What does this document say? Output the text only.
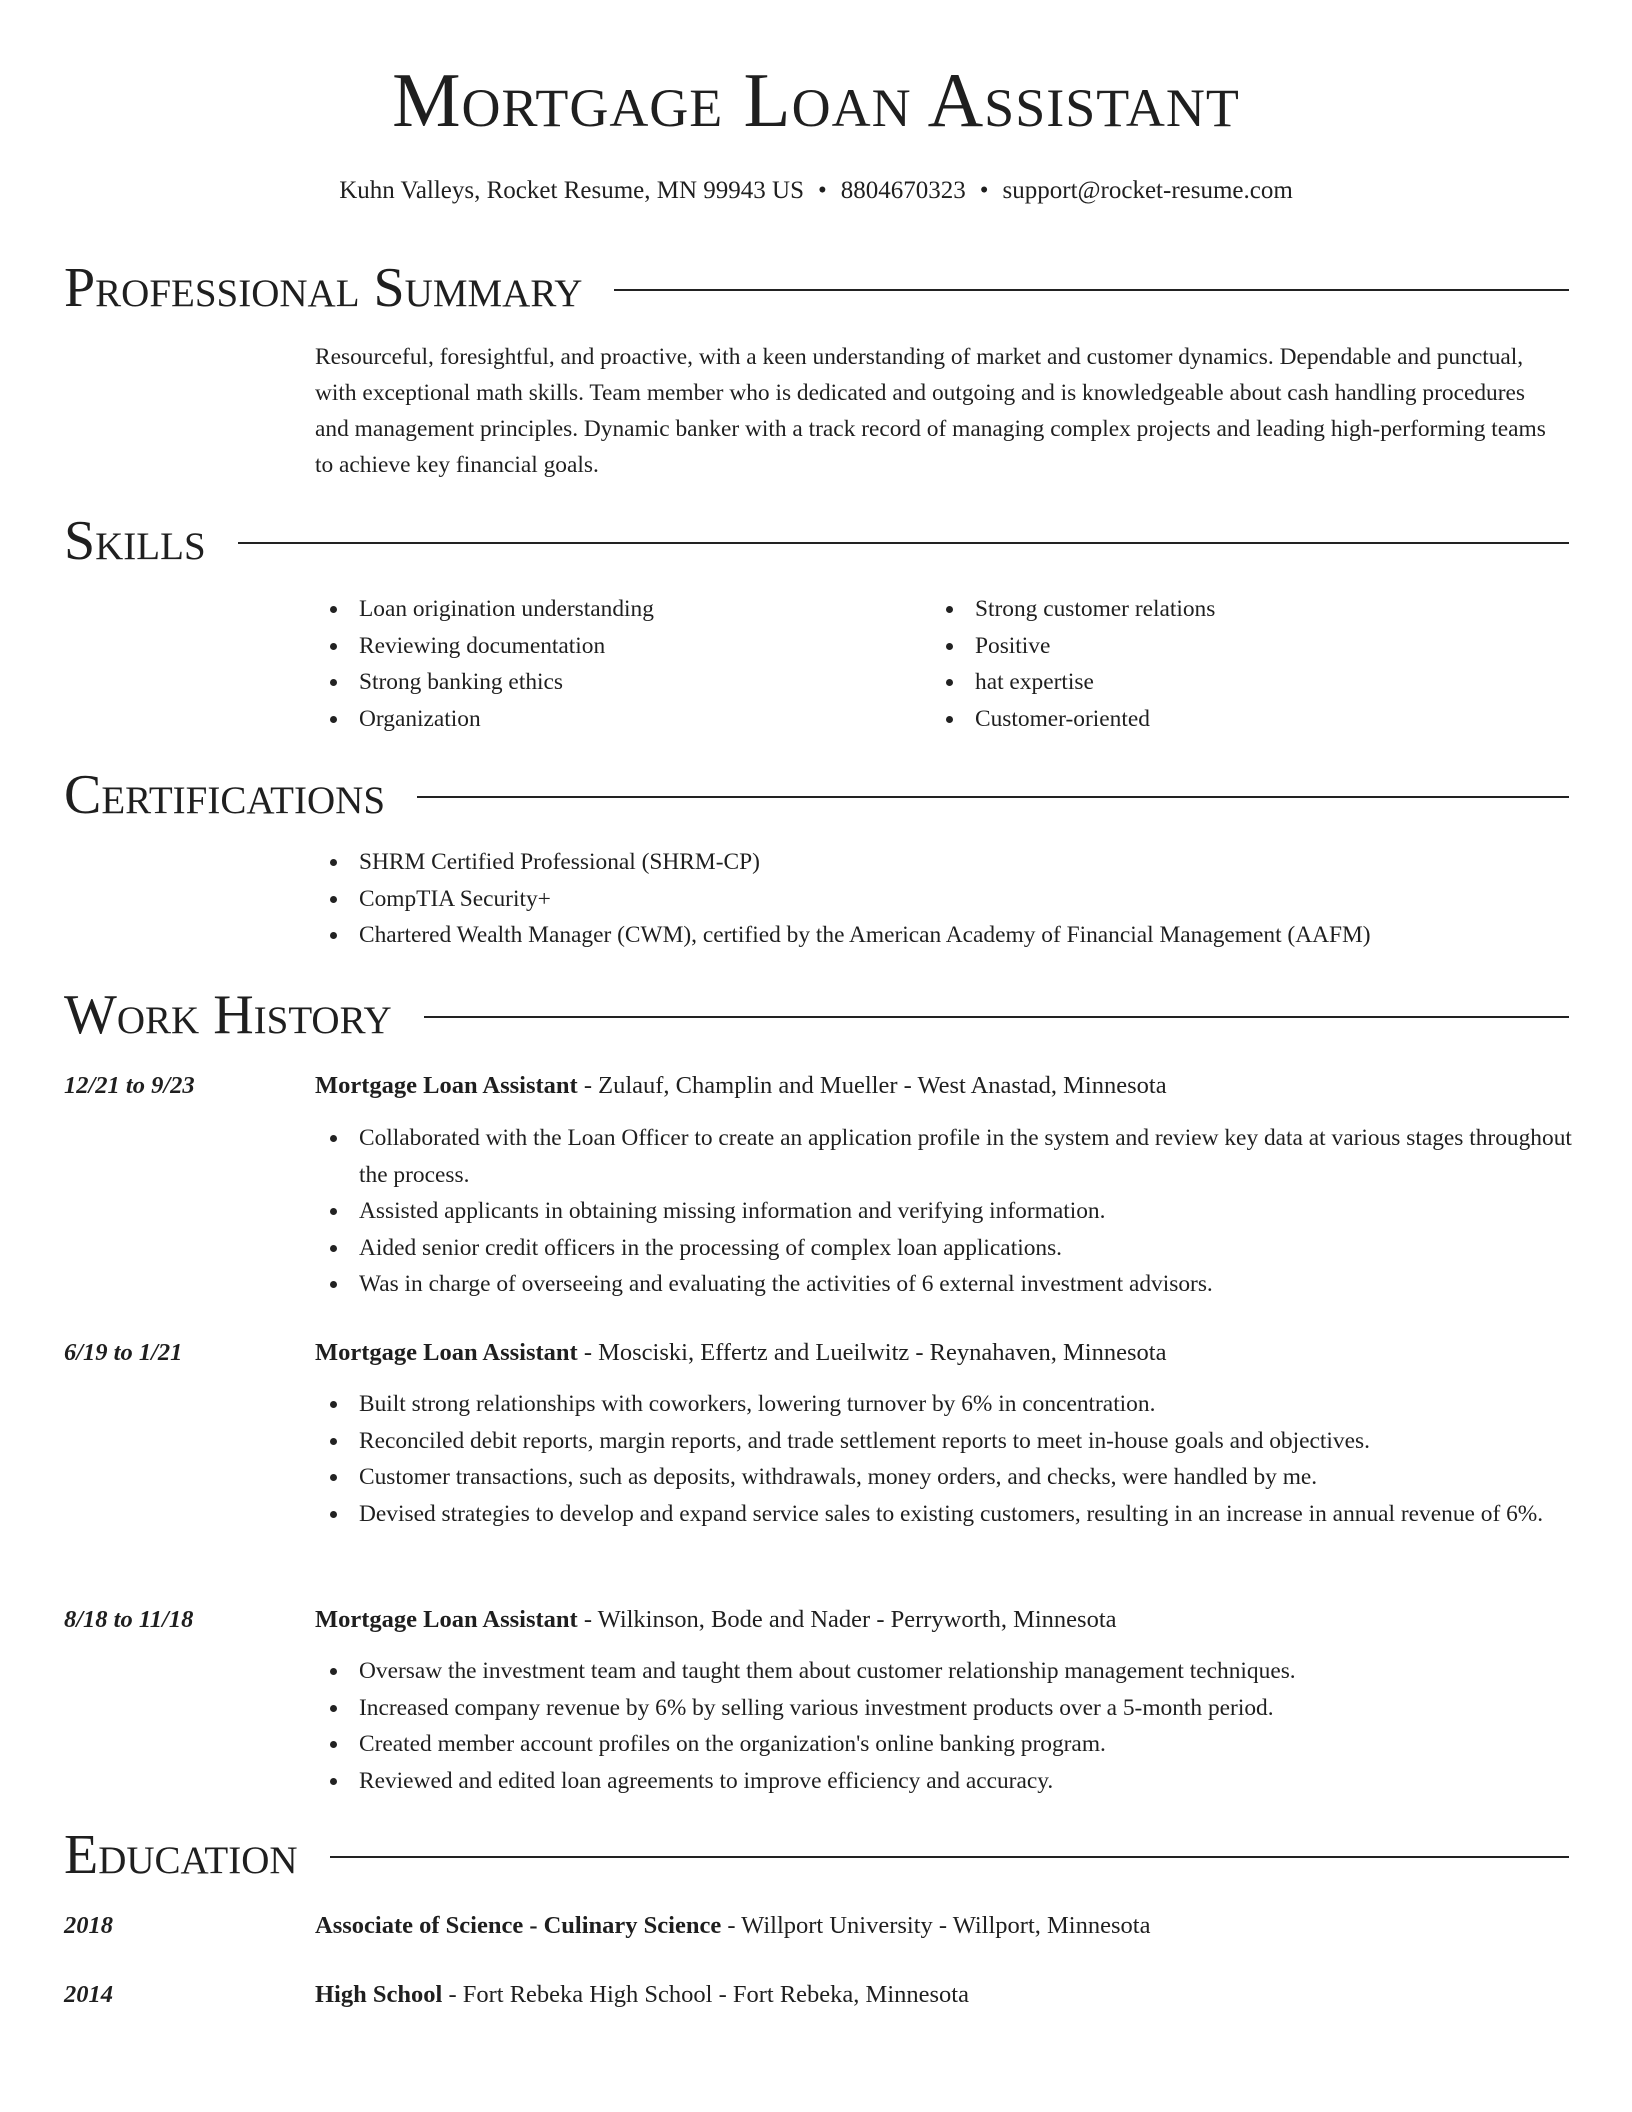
Mortgage Loan Assistant
Kuhn Valleys, Rocket Resume, MN 99943 US • 8804670323 • support@rocket-resume.com
Professional Summary

Resourceful, foresightful, and proactive, with a keen understanding of market and customer dynamics. Dependable and punctual, with exceptional math skills. Team member who is dedicated and outgoing and is knowledgeable about cash handling procedures and management principles. Dynamic banker with a track record of managing complex projects and leading high-performing teams to achieve key financial goals.

Skills
Loan origination understanding
Reviewing documentation
Strong banking ethics
Organization
Strong customer relations
Positive
hat expertise
Customer-oriented
Certifications
SHRM Certified Professional (SHRM-CP)
CompTIA Security+
Chartered Wealth Manager (CWM), certified by the American Academy of Financial Management (AAFM)
Work History
12/21 to 9/23	Mortgage Loan Assistant - Zulauf, Champlin and Mueller - West Anastad, Minnesota
Collaborated with the Loan Officer to create an application profile in the system and review key data at various stages throughout the process.
Assisted applicants in obtaining missing information and verifying information.
Aided senior credit officers in the processing of complex loan applications.
Was in charge of overseeing and evaluating the activities of 6 external investment advisors.
6/19 to 1/21	Mortgage Loan Assistant - Mosciski, Effertz and Lueilwitz - Reynahaven, Minnesota
Built strong relationships with coworkers, lowering turnover by 6% in concentration.
Reconciled debit reports, margin reports, and trade settlement reports to meet in-house goals and objectives.
Customer transactions, such as deposits, withdrawals, money orders, and checks, were handled by me.
Devised strategies to develop and expand service sales to existing customers, resulting in an increase in annual revenue of 6%.
8/18 to 11/18	Mortgage Loan Assistant - Wilkinson, Bode and Nader - Perryworth, Minnesota
Oversaw the investment team and taught them about customer relationship management techniques.
Increased company revenue by 6% by selling various investment products over a 5-month period.
Created member account profiles on the organization's online banking program.
Reviewed and edited loan agreements to improve efficiency and accuracy.
Education
2018	Associate of Science - Culinary Science - Willport University - Willport, Minnesota
2014	High School - Fort Rebeka High School - Fort Rebeka, Minnesota
